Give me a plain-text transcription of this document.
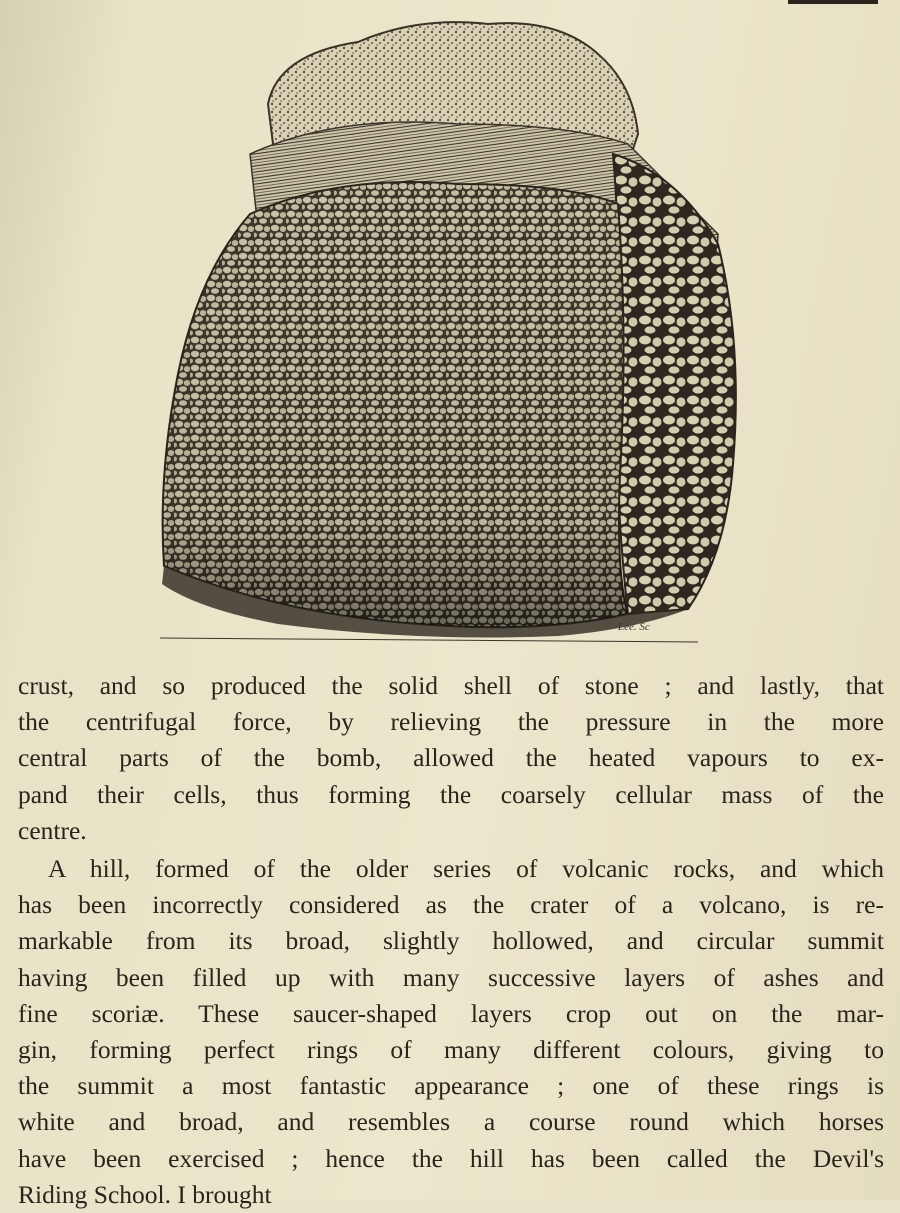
Lee. Sc
crust, and so produced the solid shell of stone ; and lastly, that
the centrifugal force, by relieving the pressure in the more
central parts of the bomb, allowed the heated vapours to ex-
pand their cells, thus forming the coarsely cellular mass of the
centre.
A hill, formed of the older series of volcanic rocks, and which
has been incorrectly considered as the crater of a volcano, is re-
markable from its broad, slightly hollowed, and circular summit
having been filled up with many successive layers of ashes and
fine scoriæ. These saucer-shaped layers crop out on the mar-
gin, forming perfect rings of many different colours, giving to
the summit a most fantastic appearance ; one of these rings is
white and broad, and resembles a course round which horses
have been exercised ; hence the hill has been called the Devil's
Riding School. I brought
